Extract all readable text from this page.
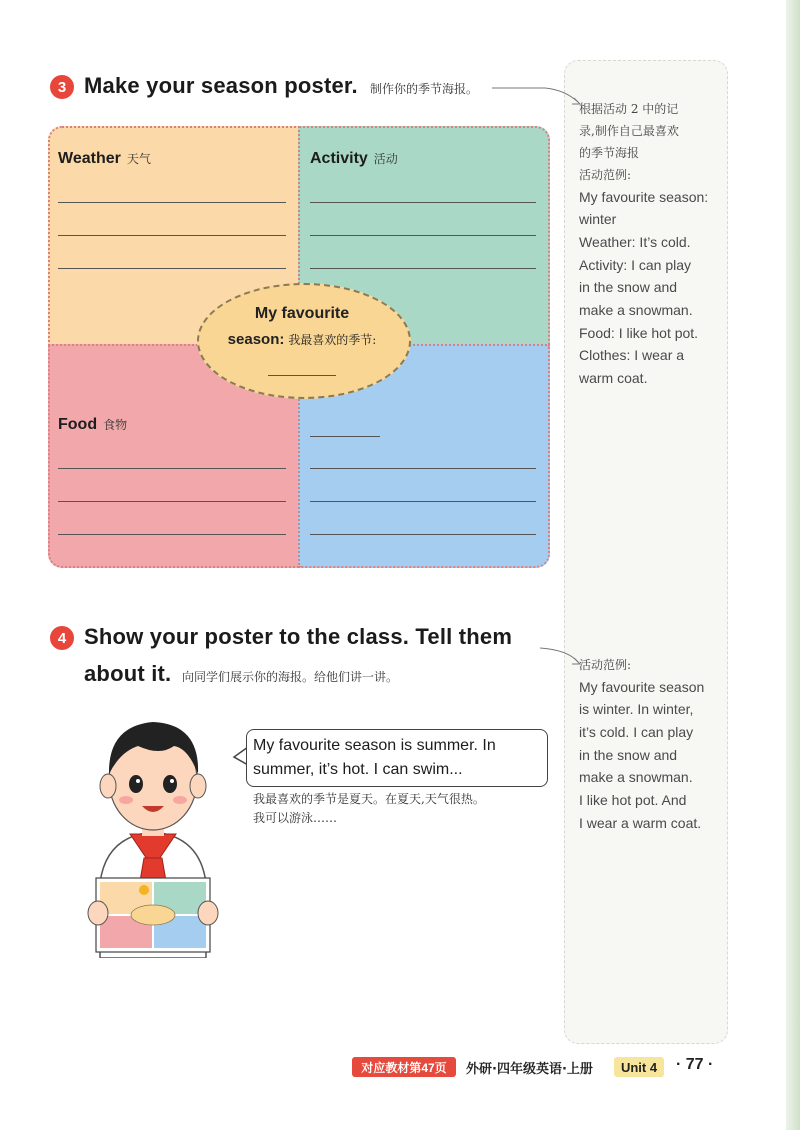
3 Make your season poster. 制作你的季节海报。
Weather 天气	Activity 活动
Food 食物
My favourite
season: 我最喜欢的季节:
4 Show your poster to the class. Tell them
about it. 向同学们展示你的海报。给他们讲一讲。
My favourite season is summer. In
summer, it’s hot. I can swim...
我最喜欢的季节是夏天。在夏天,天气很热。
我可以游泳……
根据活动 2 中的记
录,制作自己最喜欢
的季节海报
活动范例:
My favourite season:
winter
Weather: It’s cold.
Activity: I can play
in the snow and
make a snowman.
Food: I like hot pot.
Clothes: I wear a
warm coat.
活动范例:
My favourite season
is winter. In winter,
it’s cold. I can play
in the snow and
make a snowman.
I like hot pot. And
I wear a warm coat.
对应教材第47页	外研·四年级英语·上册	Unit 4	· 77 ·
